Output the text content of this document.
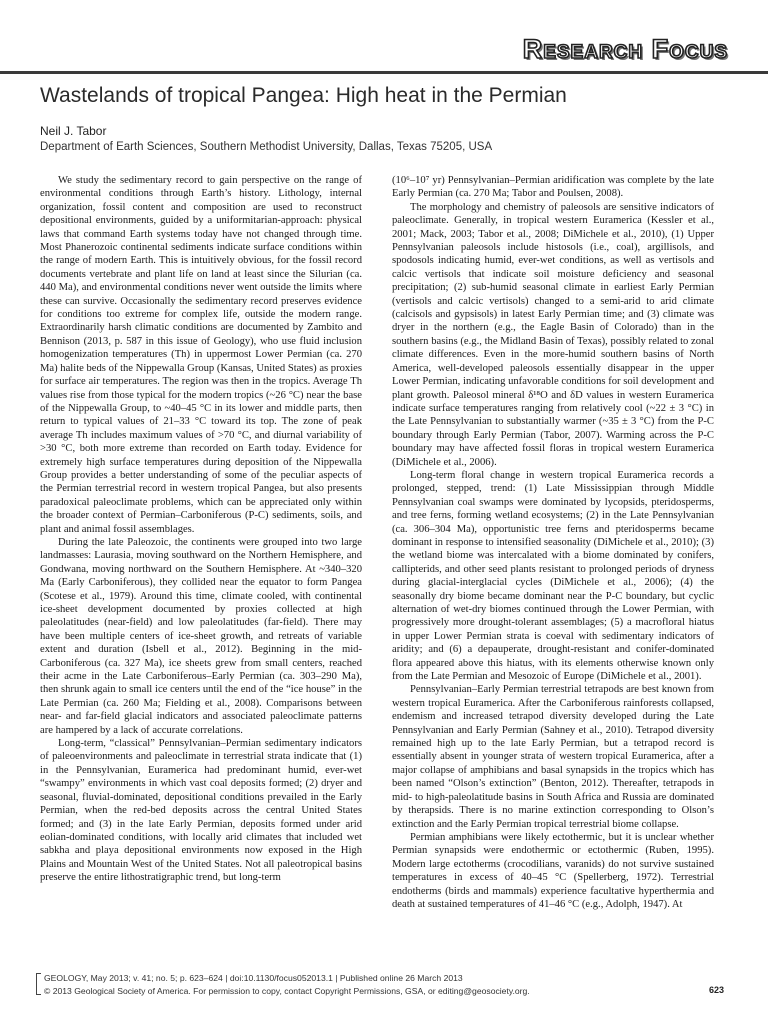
Research Focus
Wastelands of tropical Pangea: High heat in the Permian
Neil J. Tabor
Department of Earth Sciences, Southern Methodist University, Dallas, Texas 75205, USA

We study the sedimentary record to gain perspective on the range of environmental conditions through Earth’s history. Lithology, internal organization, fossil content and composition are used to reconstruct depositional environments, guided by a uniformitarian-approach: physical laws that command Earth systems today have not changed through time. Most Phanerozoic continental sediments indicate surface conditions within the range of modern Earth. This is intuitively obvious, for the fossil record documents vertebrate and plant life on land at least since the Silurian (ca. 440 Ma), and environmental conditions never went outside the limits where these can survive. Occasionally the sedimentary record preserves evidence for conditions too extreme for complex life, outside the modern range. Extraordinarily harsh climatic conditions are documented by Zambito and Bennison (2013, p. 587 in this issue of Geology), who use fluid inclusion homogenization temperatures (Th) in uppermost Lower Permian (ca. 270 Ma) halite beds of the Nippewalla Group (Kansas, United States) as proxies for surface air temperatures. The region was then in the tropics. Average Th values rise from those typical for the modern tropics (~26 °C) near the base of the Nippewalla Group, to ~40–45 °C in its lower and middle parts, then return to typical values of 21–33 °C toward its top. The zone of peak average Th includes maximum values of >70 °C, and diurnal variability of >30 °C, both more extreme than recorded on Earth today. Evidence for extremely high surface temperatures during deposition of the Nippewalla Group provides a better understanding of some of the peculiar aspects of the Permian terrestrial record in western tropical Pangea, but also presents paradoxical paleoclimate problems, which can be appreciated only within the broader context of Permian–Carboniferous (P-C) sediments, soils, and plant and animal fossil assemblages.

During the late Paleozoic, the continents were grouped into two large landmasses: Laurasia, moving southward on the Northern Hemisphere, and Gondwana, moving northward on the Southern Hemisphere. At ~340–320 Ma (Early Carboniferous), they collided near the equator to form Pangea (Scotese et al., 1979). Around this time, climate cooled, with continental ice-sheet development documented by proxies collected at high paleolatitudes (near-field) and low paleolatitudes (far-field). There may have been multiple centers of ice-sheet growth, and retreats of variable extent and duration (Isbell et al., 2012). Beginning in the mid-Carboniferous (ca. 327 Ma), ice sheets grew from small centers, reached their acme in the Late Carboniferous–Early Permian (ca. 303–290 Ma), then shrunk again to small ice centers until the end of the “ice house” in the Late Permian (ca. 260 Ma; Fielding et al., 2008). Comparisons between near- and far-field glacial indicators and associated paleoclimate patterns are hampered by a lack of accurate correlations.

Long-term, “classical” Pennsylvanian–Permian sedimentary indicators of paleoenvironments and paleoclimate in terrestrial strata indicate that (1) in the Pennsylvanian, Euramerica had predominant humid, ever-wet “swampy” environments in which vast coal deposits formed; (2) dryer and seasonal, fluvial-dominated, depositional conditions prevailed in the Early Permian, when the red-bed deposits across the central United States formed; and (3) in the late Early Permian, deposits formed under arid eolian-dominated conditions, with locally arid climates that included wet sabkha and playa depositional environments now exposed in the High Plains and Mountain West of the United States. Not all paleotropical basins preserve the entire lithostratigraphic trend, but long-term

(10⁶–10⁷ yr) Pennsylvanian–Permian aridification was complete by the late Early Permian (ca. 270 Ma; Tabor and Poulsen, 2008).

The morphology and chemistry of paleosols are sensitive indicators of paleoclimate. Generally, in tropical western Euramerica (Kessler et al., 2001; Mack, 2003; Tabor et al., 2008; DiMichele et al., 2010), (1) Upper Pennsylvanian paleosols include histosols (i.e., coal), argillisols, and spodosols indicating humid, ever-wet conditions, as well as vertisols and calcic vertisols that indicate soil moisture deficiency and seasonal precipitation; (2) sub-humid seasonal climate in earliest Early Permian (vertisols and calcic vertisols) changed to a semi-arid to arid climate (calcisols and gypsisols) in latest Early Permian time; and (3) climate was dryer in the northern (e.g., the Eagle Basin of Colorado) than in the southern basins (e.g., the Midland Basin of Texas), possibly related to zonal climate differences. Even in the more-humid southern basins of North America, well-developed paleosols essentially disappear in the upper Lower Permian, indicating unfavorable conditions for soil development and plant growth. Paleosol mineral δ¹⁸O and δD values in western Euramerica indicate surface temperatures ranging from relatively cool (~22 ± 3 °C) in the Late Pennsylvanian to substantially warmer (~35 ± 3 °C) from the P-C boundary through Early Permian (Tabor, 2007). Warming across the P-C boundary may have affected fossil floras in tropical western Euramerica (DiMichele et al., 2006).

Long-term floral change in western tropical Euramerica records a prolonged, stepped, trend: (1) Late Mississippian through Middle Pennsylvanian coal swamps were dominated by lycopsids, pteridosperms, and tree ferns, forming wetland ecosystems; (2) in the Late Pennsylvanian (ca. 306–304 Ma), opportunistic tree ferns and pteridosperms became dominant in response to intensified seasonality (DiMichele et al., 2010); (3) the wetland biome was intercalated with a biome dominated by conifers, callipterids, and other seed plants resistant to prolonged periods of dryness during glacial-interglacial cycles (DiMichele et al., 2006); (4) the seasonally dry biome became dominant near the P-C boundary, but cyclic alternation of wet-dry biomes continued through the Lower Permian, with progressively more drought-tolerant assemblages; (5) a macrofloral hiatus in upper Lower Permian strata is coeval with sedimentary indicators of aridity; and (6) a depauperate, drought-resistant and conifer-dominated flora appeared above this hiatus, with its elements otherwise known only from the Late Permian and Mesozoic of Europe (DiMichele et al., 2001).

Pennsylvanian–Early Permian terrestrial tetrapods are best known from western tropical Euramerica. After the Carboniferous rainforests collapsed, endemism and increased tetrapod diversity developed during the Late Pennsylvanian and Early Permian (Sahney et al., 2010). Tetrapod diversity remained high up to the late Early Permian, but a tetrapod record is essentially absent in younger strata of western tropical Euramerica, after a major collapse of amphibians and basal synapsids in the tropics which has been named “Olson’s extinction” (Benton, 2012). Thereafter, tetrapods in mid- to high-paleolatitude basins in South Africa and Russia are dominated by therapsids. There is no marine extinction corresponding to Olson’s extinction and the Early Permian tropical terrestrial biome collapse.

Permian amphibians were likely ectothermic, but it is unclear whether Permian synapsids were endothermic or ectothermic (Ruben, 1995). Modern large ectotherms (crocodilians, varanids) do not survive sustained temperatures in excess of 40–45 °C (Spellerberg, 1972). Terrestrial endotherms (birds and mammals) experience facultative hyperthermia and death at sustained temperatures of 41–46 °C (e.g., Adolph, 1947). At

GEOLOGY, May 2013; v. 41; no. 5; p. 623–624 | doi:10.1130/focus052013.1 | Published online 26 March 2013
© 2013 Geological Society of America. For permission to copy, contact Copyright Permissions, GSA, or editing@geosociety.org.	623
